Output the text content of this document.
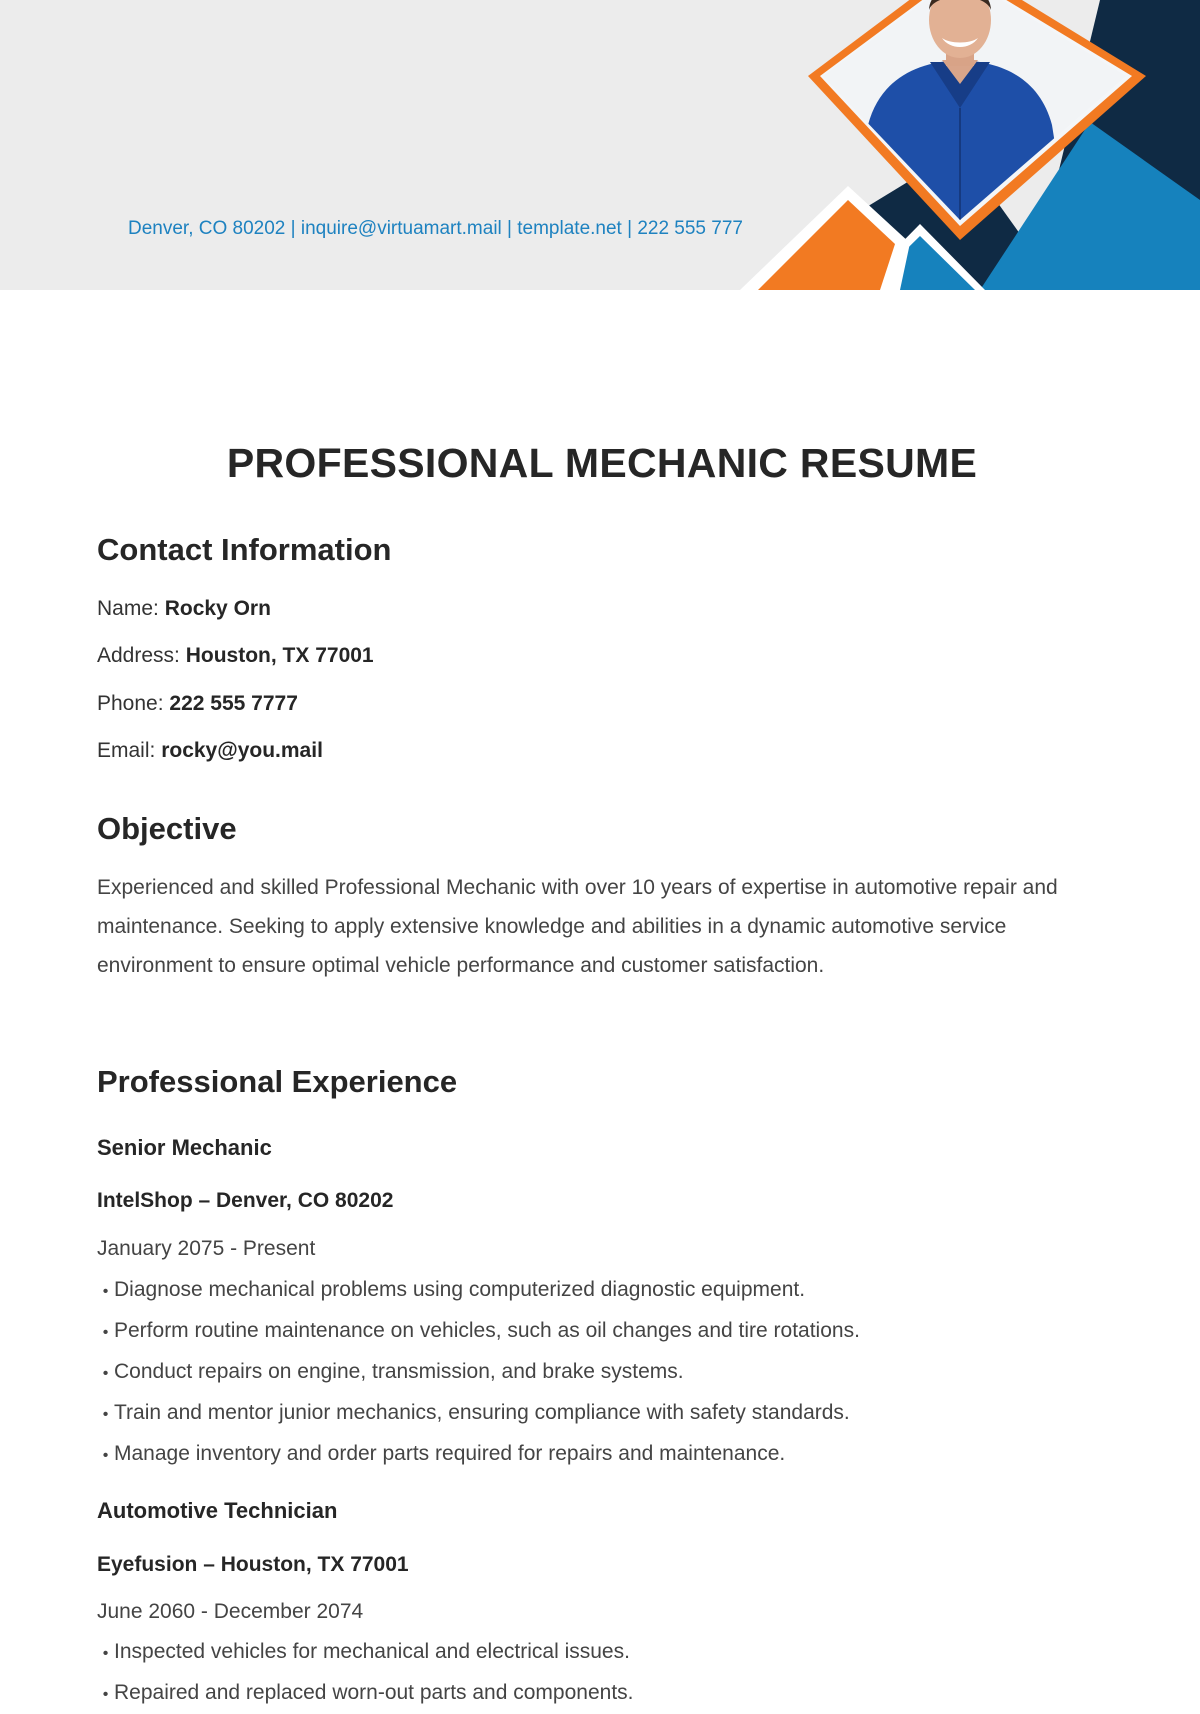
Denver, CO 80202 | inquire@virtuamart.mail | template.net | 222 555 777
PROFESSIONAL MECHANIC RESUME
Contact Information
Name: Rocky Orn
Address: Houston, TX 77001
Phone: 222 555 7777
Email: rocky@you.mail
Objective

Experienced and skilled Professional Mechanic with over 10 years of expertise in automotive repair and maintenance. Seeking to apply extensive knowledge and abilities in a dynamic automotive service environment to ensure optimal vehicle performance and customer satisfaction.

Professional Experience
Senior Mechanic
IntelShop – Denver, CO 80202
January 2075 - Present
• Diagnose mechanical problems using computerized diagnostic equipment.
• Perform routine maintenance on vehicles, such as oil changes and tire rotations.
• Conduct repairs on engine, transmission, and brake systems.
• Train and mentor junior mechanics, ensuring compliance with safety standards.
• Manage inventory and order parts required for repairs and maintenance.
Automotive Technician
Eyefusion – Houston, TX 77001
June 2060 - December 2074
• Inspected vehicles for mechanical and electrical issues.
• Repaired and replaced worn-out parts and components.
